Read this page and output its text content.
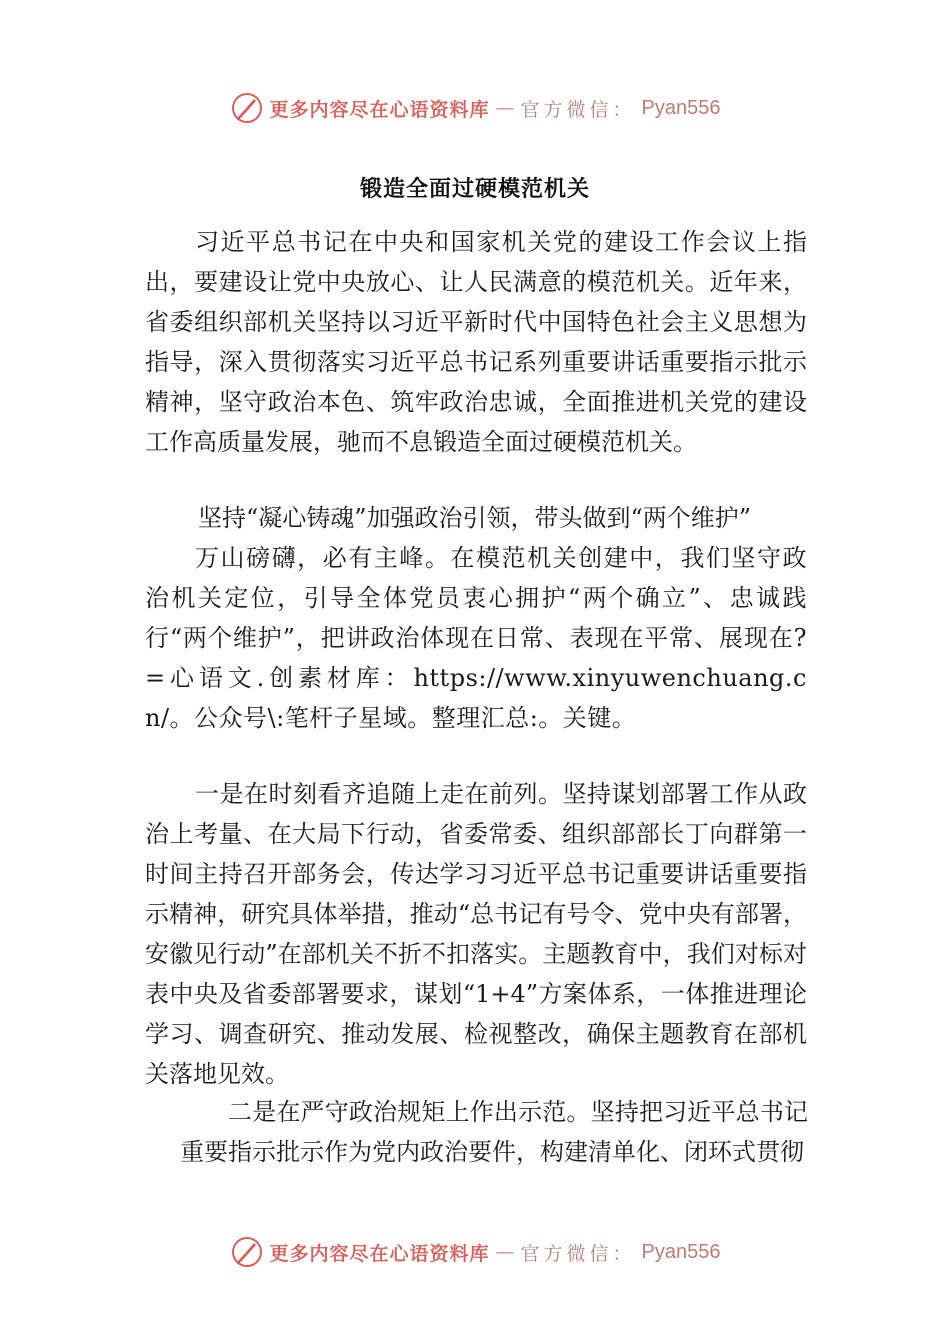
更多内容尽在心语资料库 — 官方微信： Pyan556
锻造全面过硬模范机关

习近平总书记在中央和国家机关党的建设工作会议上指出，要建设让党中央放心、让人民满意的模范机关。近年来，省委组织部机关坚持以习近平新时代中国特色社会主义思想为指导，深入贯彻落实习近平总书记系列重要讲话重要指示批示精神，坚守政治本色、筑牢政治忠诚，全面推进机关党的建设工作高质量发展，驰而不息锻造全面过硬模范机关。

坚持“凝心铸魂”加强政治引领，带头做到“两个维护”

万山磅礴，必有主峰。在模范机关创建中，我们坚守政治机关定位，引导全体党员衷心拥护“两个确立”、忠诚践行“两个维护”，把讲政治体现在日常、表现在平常、展现在?=心语文.创素材库：https://www.xinyuwenchuang.cn/。公众号\:笔杆子星域。整理汇总:。关键。

一是在时刻看齐追随上走在前列。坚持谋划部署工作从政治上考量、在大局下行动，省委常委、组织部部长丁向群第一时间主持召开部务会，传达学习习近平总书记重要讲话重要指示精神，研究具体举措，推动“总书记有号令、党中央有部署，安徽见行动”在部机关不折不扣落实。主题教育中，我们对标对表中央及省委部署要求，谋划“1+4”方案体系，一体推进理论学习、调查研究、推动发展、检视整改，确保主题教育在部机关落地见效。

二是在严守政治规矩上作出示范。坚持把习近平总书记重要指示批示作为党内政治要件，构建清单化、闭环式贯彻

更多内容尽在心语资料库 — 官方微信： Pyan556
